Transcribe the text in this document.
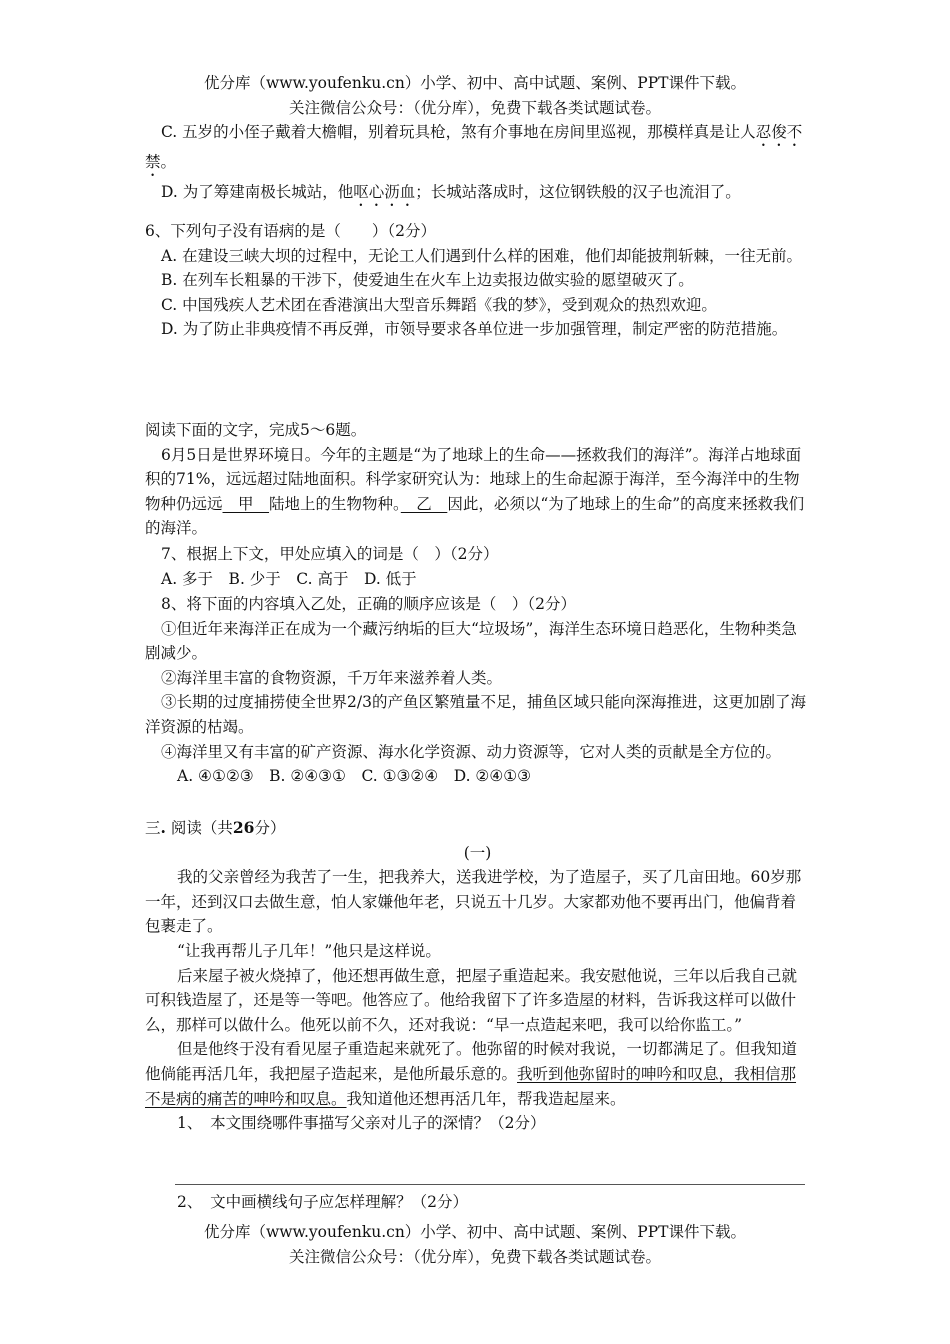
优分库（www.youfenku.cn）小学、初中、高中试题、案例、PPT课件下载。

关注微信公众号：（优分库），免费下载各类试题试卷。

C. 五岁的小侄子戴着大檐帽，别着玩具枪，煞有介事地在房间里巡视，那模样真是让人忍俊不禁。

D. 为了筹建南极长城站，他呕心沥血；长城站落成时，这位钢铁般的汉子也流泪了。

6、下列句子没有语病的是（　　）（2分）

A. 在建设三峡大坝的过程中，无论工人们遇到什么样的困难，他们却能披荆斩棘，一往无前。

B. 在列车长粗暴的干涉下，使爱迪生在火车上边卖报边做实验的愿望破灭了。

C. 中国残疾人艺术团在香港演出大型音乐舞蹈《我的梦》，受到观众的热烈欢迎。

D. 为了防止非典疫情不再反弹，市领导要求各单位进一步加强管理，制定严密的防范措施。

阅读下面的文字，完成5～6题。

6月5日是世界环境日。今年的主题是“为了地球上的生命——拯救我们的海洋”。海洋占地球面积的71%，远远超过陆地面积。科学家研究认为：地球上的生命起源于海洋，至今海洋中的生物物种仍远远　甲　陆地上的生物物种。　乙　因此，必须以“为了地球上的生命”的高度来拯救我们的海洋。

7、根据上下文，甲处应填入的词是（　）（2分）

A. 多于　B. 少于　C. 高于　D. 低于

8、将下面的内容填入乙处，正确的顺序应该是（　）（2分）

①但近年来海洋正在成为一个藏污纳垢的巨大“垃圾场”，海洋生态环境日趋恶化，生物种类急剧减少。

②海洋里丰富的食物资源，千万年来滋养着人类。

③长期的过度捕捞使全世界2/3的产鱼区繁殖量不足，捕鱼区域只能向深海推进，这更加剧了海洋资源的枯竭。

④海洋里又有丰富的矿产资源、海水化学资源、动力资源等，它对人类的贡献是全方位的。

A. ④①②③　B. ②④③①　C. ①③②④　D. ②④①③

三. 阅读（共26分）

(一)

我的父亲曾经为我苦了一生，把我养大，送我进学校，为了造屋子，买了几亩田地。60岁那一年，还到汉口去做生意，怕人家嫌他年老，只说五十几岁。大家都劝他不要再出门，他偏背着包裹走了。

“让我再帮儿子几年！”他只是这样说。

后来屋子被火烧掉了，他还想再做生意，把屋子重造起来。我安慰他说，三年以后我自己就可积钱造屋了，还是等一等吧。他答应了。他给我留下了许多造屋的材料，告诉我这样可以做什么，那样可以做什么。他死以前不久，还对我说：“早一点造起来吧，我可以给你监工。”

但是他终于没有看见屋子重造起来就死了。他弥留的时候对我说，一切都满足了。但我知道他倘能再活几年，我把屋子造起来，是他所最乐意的。我听到他弥留时的呻吟和叹息，我相信那不是病的痛苦的呻吟和叹息。我知道他还想再活几年，帮我造起屋来。

1、　本文围绕哪件事描写父亲对儿子的深情？（2分）

2、　文中画横线句子应怎样理解？（2分）

优分库（www.youfenku.cn）小学、初中、高中试题、案例、PPT课件下载。

关注微信公众号：（优分库），免费下载各类试题试卷。
